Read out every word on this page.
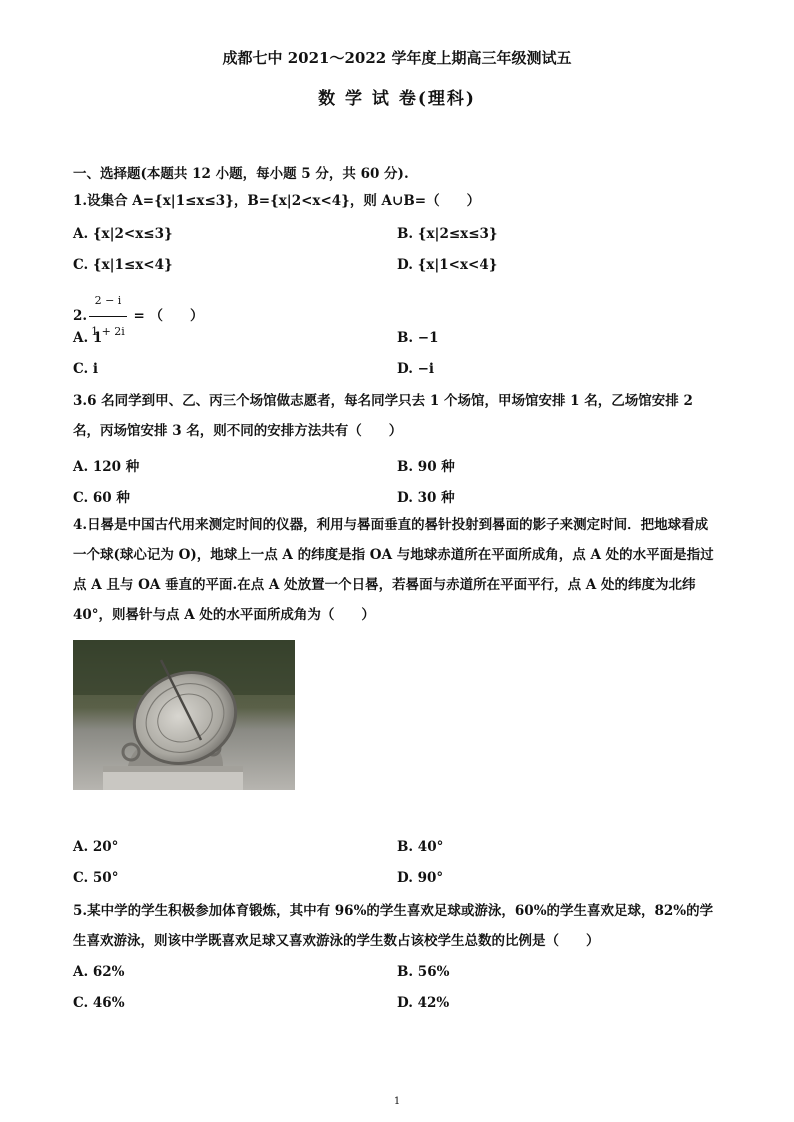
成都七中 2021～2022 学年度上期高三年级测试五
数 学 试 卷(理科)
一、选择题(本题共 12 小题，每小题 5 分，共 60 分).
1.设集合 A={x|1≤x≤3}，B={x|2<x<4}，则 A∪B=（　　）
A. {x|2<x≤3}	B. {x|2≤x≤3}
C. {x|1≤x<4}	D. {x|1<x<4}
2. $\frac{2 - i}{1 + 2i}$ = （　　）
A. 1	B. −1
C. i	D. −i
3.6 名同学到甲、乙、丙三个场馆做志愿者，每名同学只去 1 个场馆，甲场馆安排 1 名，乙场馆安排 2 名，丙场馆安排 3 名，则不同的安排方法共有（　　）
A. 120 种	B. 90 种
C. 60 种	D. 30 种
4.日晷是中国古代用来测定时间的仪器，利用与晷面垂直的晷针投射到晷面的影子来测定时间．把地球看成一个球(球心记为 O)，地球上一点 A 的纬度是指 OA 与地球赤道所在平面所成角，点 A 处的水平面是指过点 A 且与 OA 垂直的平面.在点 A 处放置一个日晷，若晷面与赤道所在平面平行，点 A 处的纬度为北纬 40°，则晷针与点 A 处的水平面所成角为（　　）
A. 20°	B. 40°
C. 50°	D. 90°
5.某中学的学生积极参加体育锻炼，其中有 96%的学生喜欢足球或游泳，60%的学生喜欢足球，82%的学生喜欢游泳，则该中学既喜欢足球又喜欢游泳的学生数占该校学生总数的比例是（　　）
A. 62%	B. 56%
C. 46%	D. 42%
1
